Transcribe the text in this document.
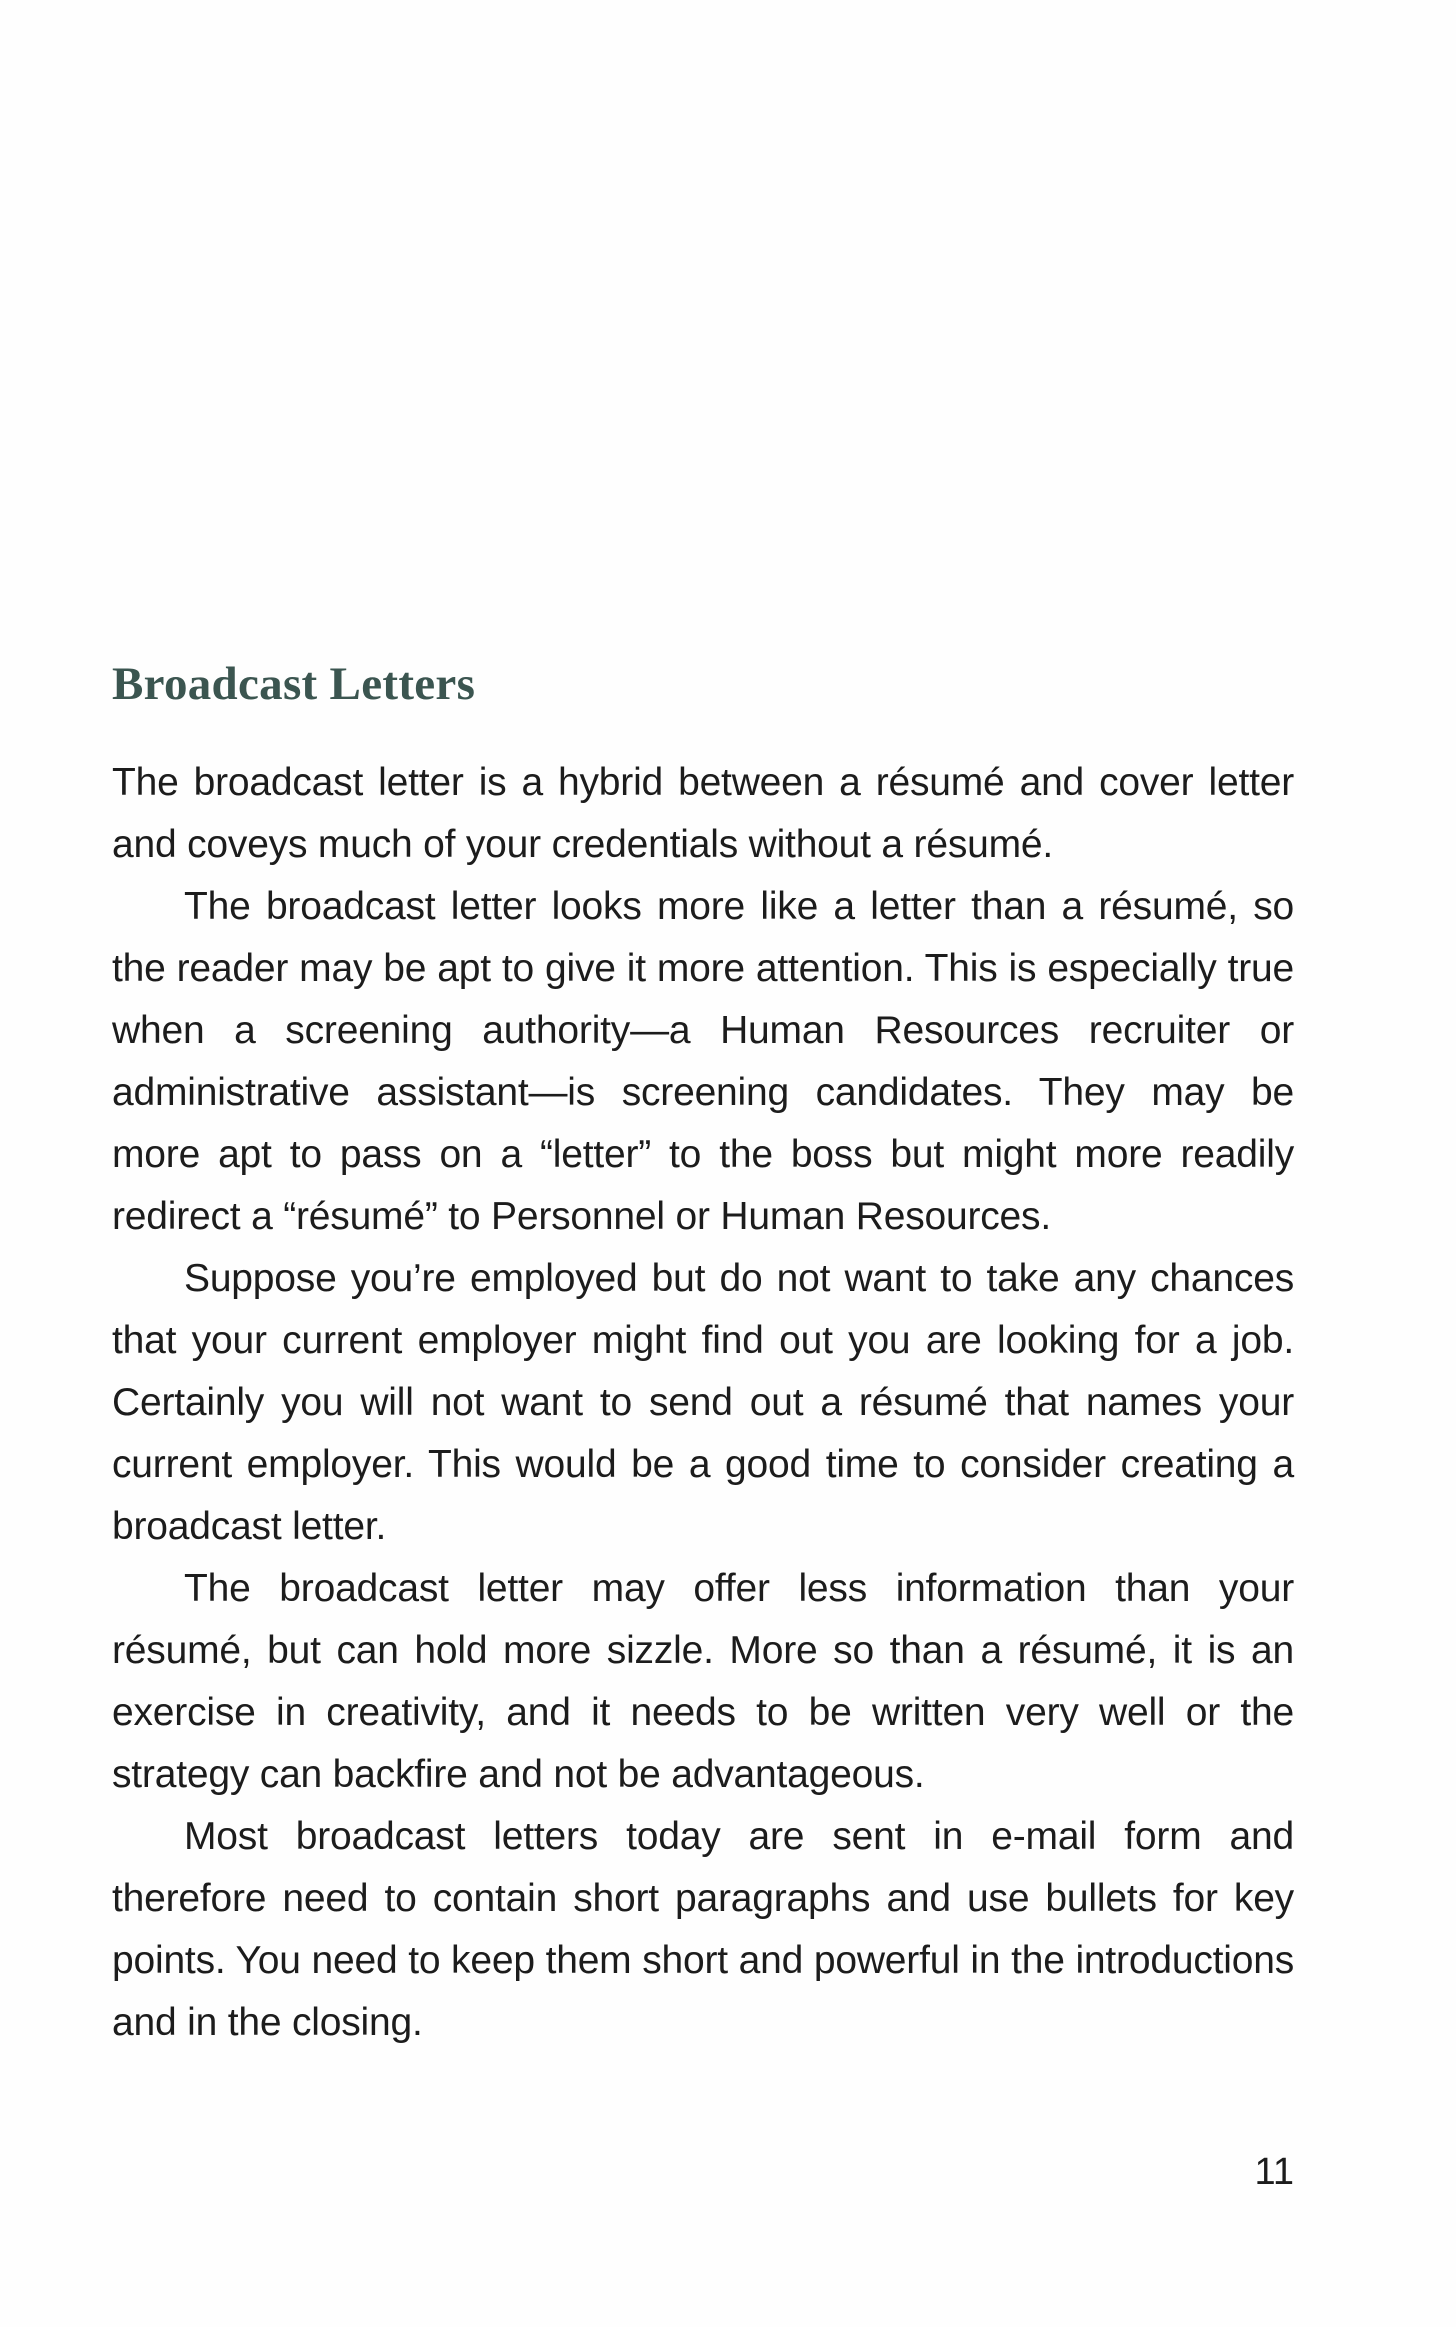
Broadcast Letters

The broadcast letter is a hybrid between a résumé and cover letter and coveys much of your credentials without a résumé.

The broadcast letter looks more like a letter than a résumé, so the reader may be apt to give it more attention. This is especially true when a screening authority—a Human Resources recruiter or administrative assistant—is screening candidates. They may be more apt to pass on a “letter” to the boss but might more readily redirect a “résumé” to Personnel or Human Resources.

Suppose you’re employed but do not want to take any chances that your current employer might find out you are looking for a job. Certainly you will not want to send out a résumé that names your current employer. This would be a good time to consider creating a broadcast letter.

The broadcast letter may offer less information than your résumé, but can hold more sizzle. More so than a résumé, it is an exercise in creativity, and it needs to be written very well or the strategy can backfire and not be advantageous.

Most broadcast letters today are sent in e-mail form and therefore need to contain short paragraphs and use bullets for key points. You need to keep them short and powerful in the introductions and in the closing.

11
